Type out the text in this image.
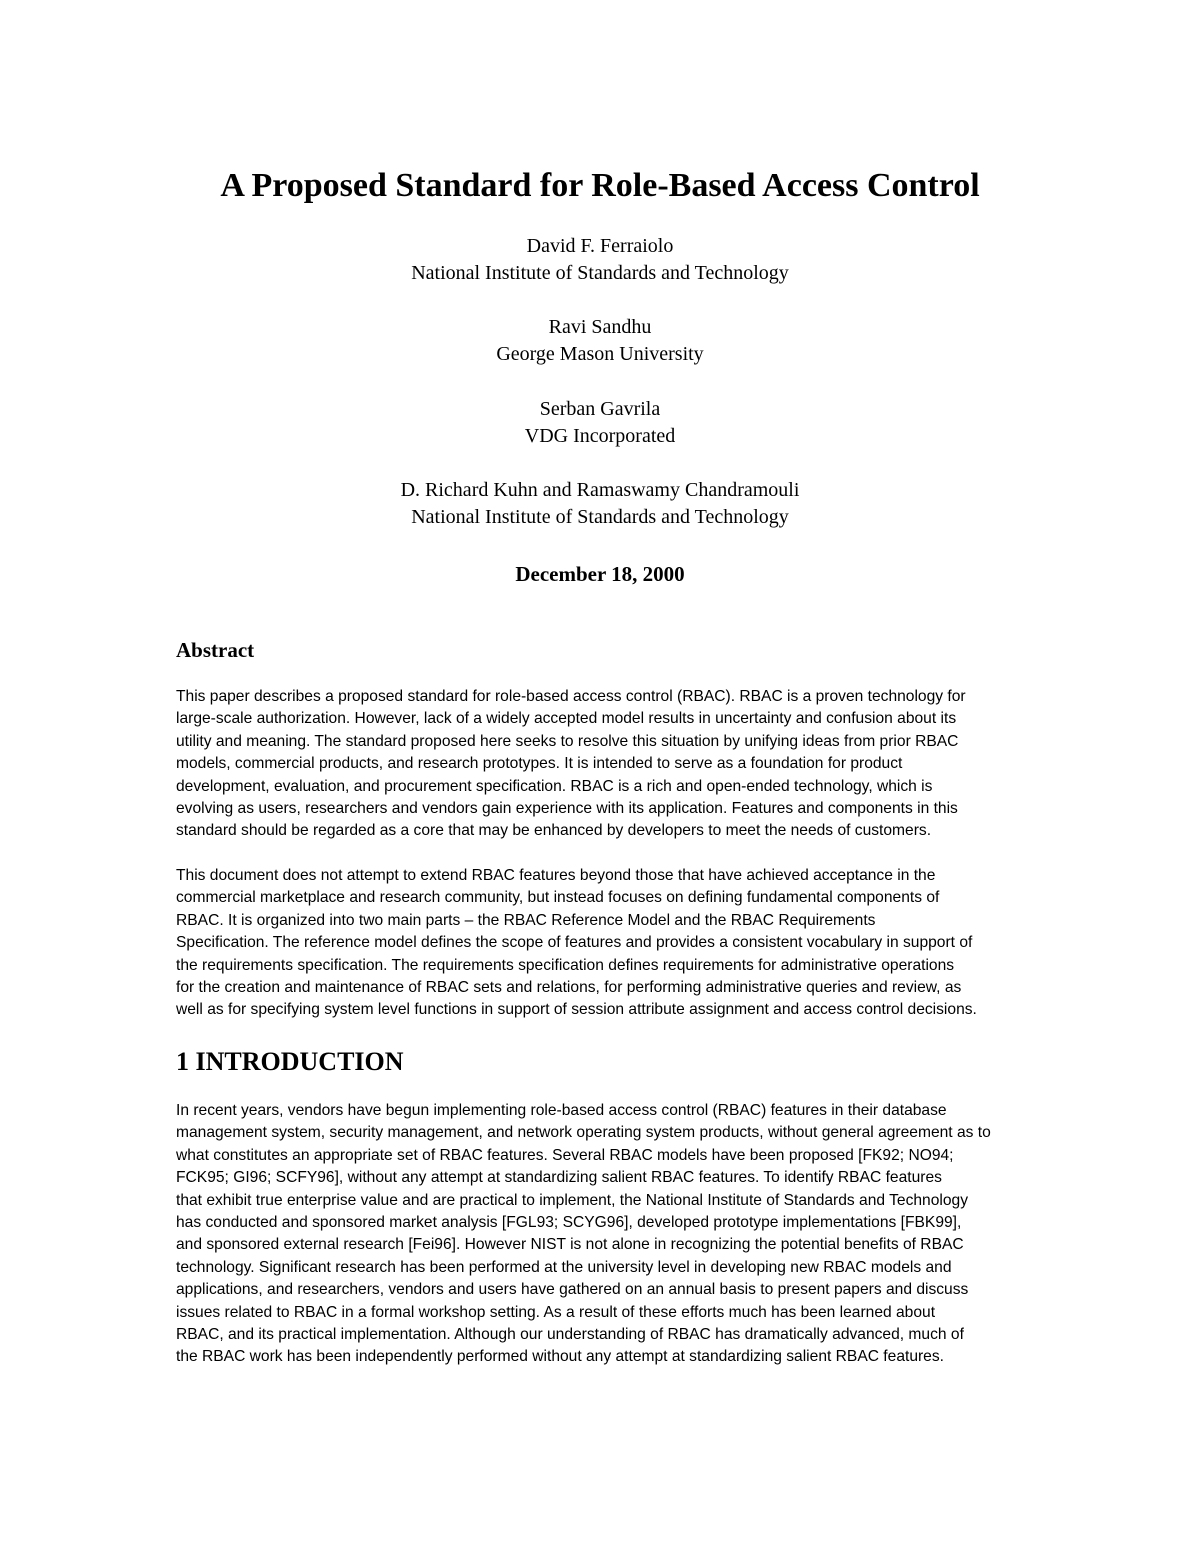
A Proposed Standard for Role-Based Access Control
David F. Ferraiolo
National Institute of Standards and Technology
Ravi Sandhu
George Mason University
Serban Gavrila
VDG Incorporated
D. Richard Kuhn and Ramaswamy Chandramouli
National Institute of Standards and Technology
December 18, 2000
Abstract
This paper describes a proposed standard for role-based access control (RBAC). RBAC is a proven technology for
large-scale authorization. However, lack of a widely accepted model results in uncertainty and confusion about its
utility and meaning. The standard proposed here seeks to resolve this situation by unifying ideas from prior RBAC
models, commercial products, and research prototypes. It is intended to serve as a foundation for product
development, evaluation, and procurement specification. RBAC is a rich and open-ended technology, which is
evolving as users, researchers and vendors gain experience with its application. Features and components in this
standard should be regarded as a core that may be enhanced by developers to meet the needs of customers.
This document does not attempt to extend RBAC features beyond those that have achieved acceptance in the
commercial marketplace and research community, but instead focuses on defining fundamental components of
RBAC. It is organized into two main parts – the RBAC Reference Model and the RBAC Requirements
Specification. The reference model defines the scope of features and provides a consistent vocabulary in support of
the requirements specification. The requirements specification defines requirements for administrative operations
for the creation and maintenance of RBAC sets and relations, for performing administrative queries and review, as
well as for specifying system level functions in support of session attribute assignment and access control decisions.
1 INTRODUCTION
In recent years, vendors have begun implementing role-based access control (RBAC) features in their database
management system, security management, and network operating system products, without general agreement as to
what constitutes an appropriate set of RBAC features. Several RBAC models have been proposed [FK92; NO94;
FCK95; GI96; SCFY96], without any attempt at standardizing salient RBAC features. To identify RBAC features
that exhibit true enterprise value and are practical to implement, the National Institute of Standards and Technology
has conducted and sponsored market analysis [FGL93; SCYG96], developed prototype implementations [FBK99],
and sponsored external research [Fei96]. However NIST is not alone in recognizing the potential benefits of RBAC
technology. Significant research has been performed at the university level in developing new RBAC models and
applications, and researchers, vendors and users have gathered on an annual basis to present papers and discuss
issues related to RBAC in a formal workshop setting. As a result of these efforts much has been learned about
RBAC, and its practical implementation. Although our understanding of RBAC has dramatically advanced, much of
the RBAC work has been independently performed without any attempt at standardizing salient RBAC features.
